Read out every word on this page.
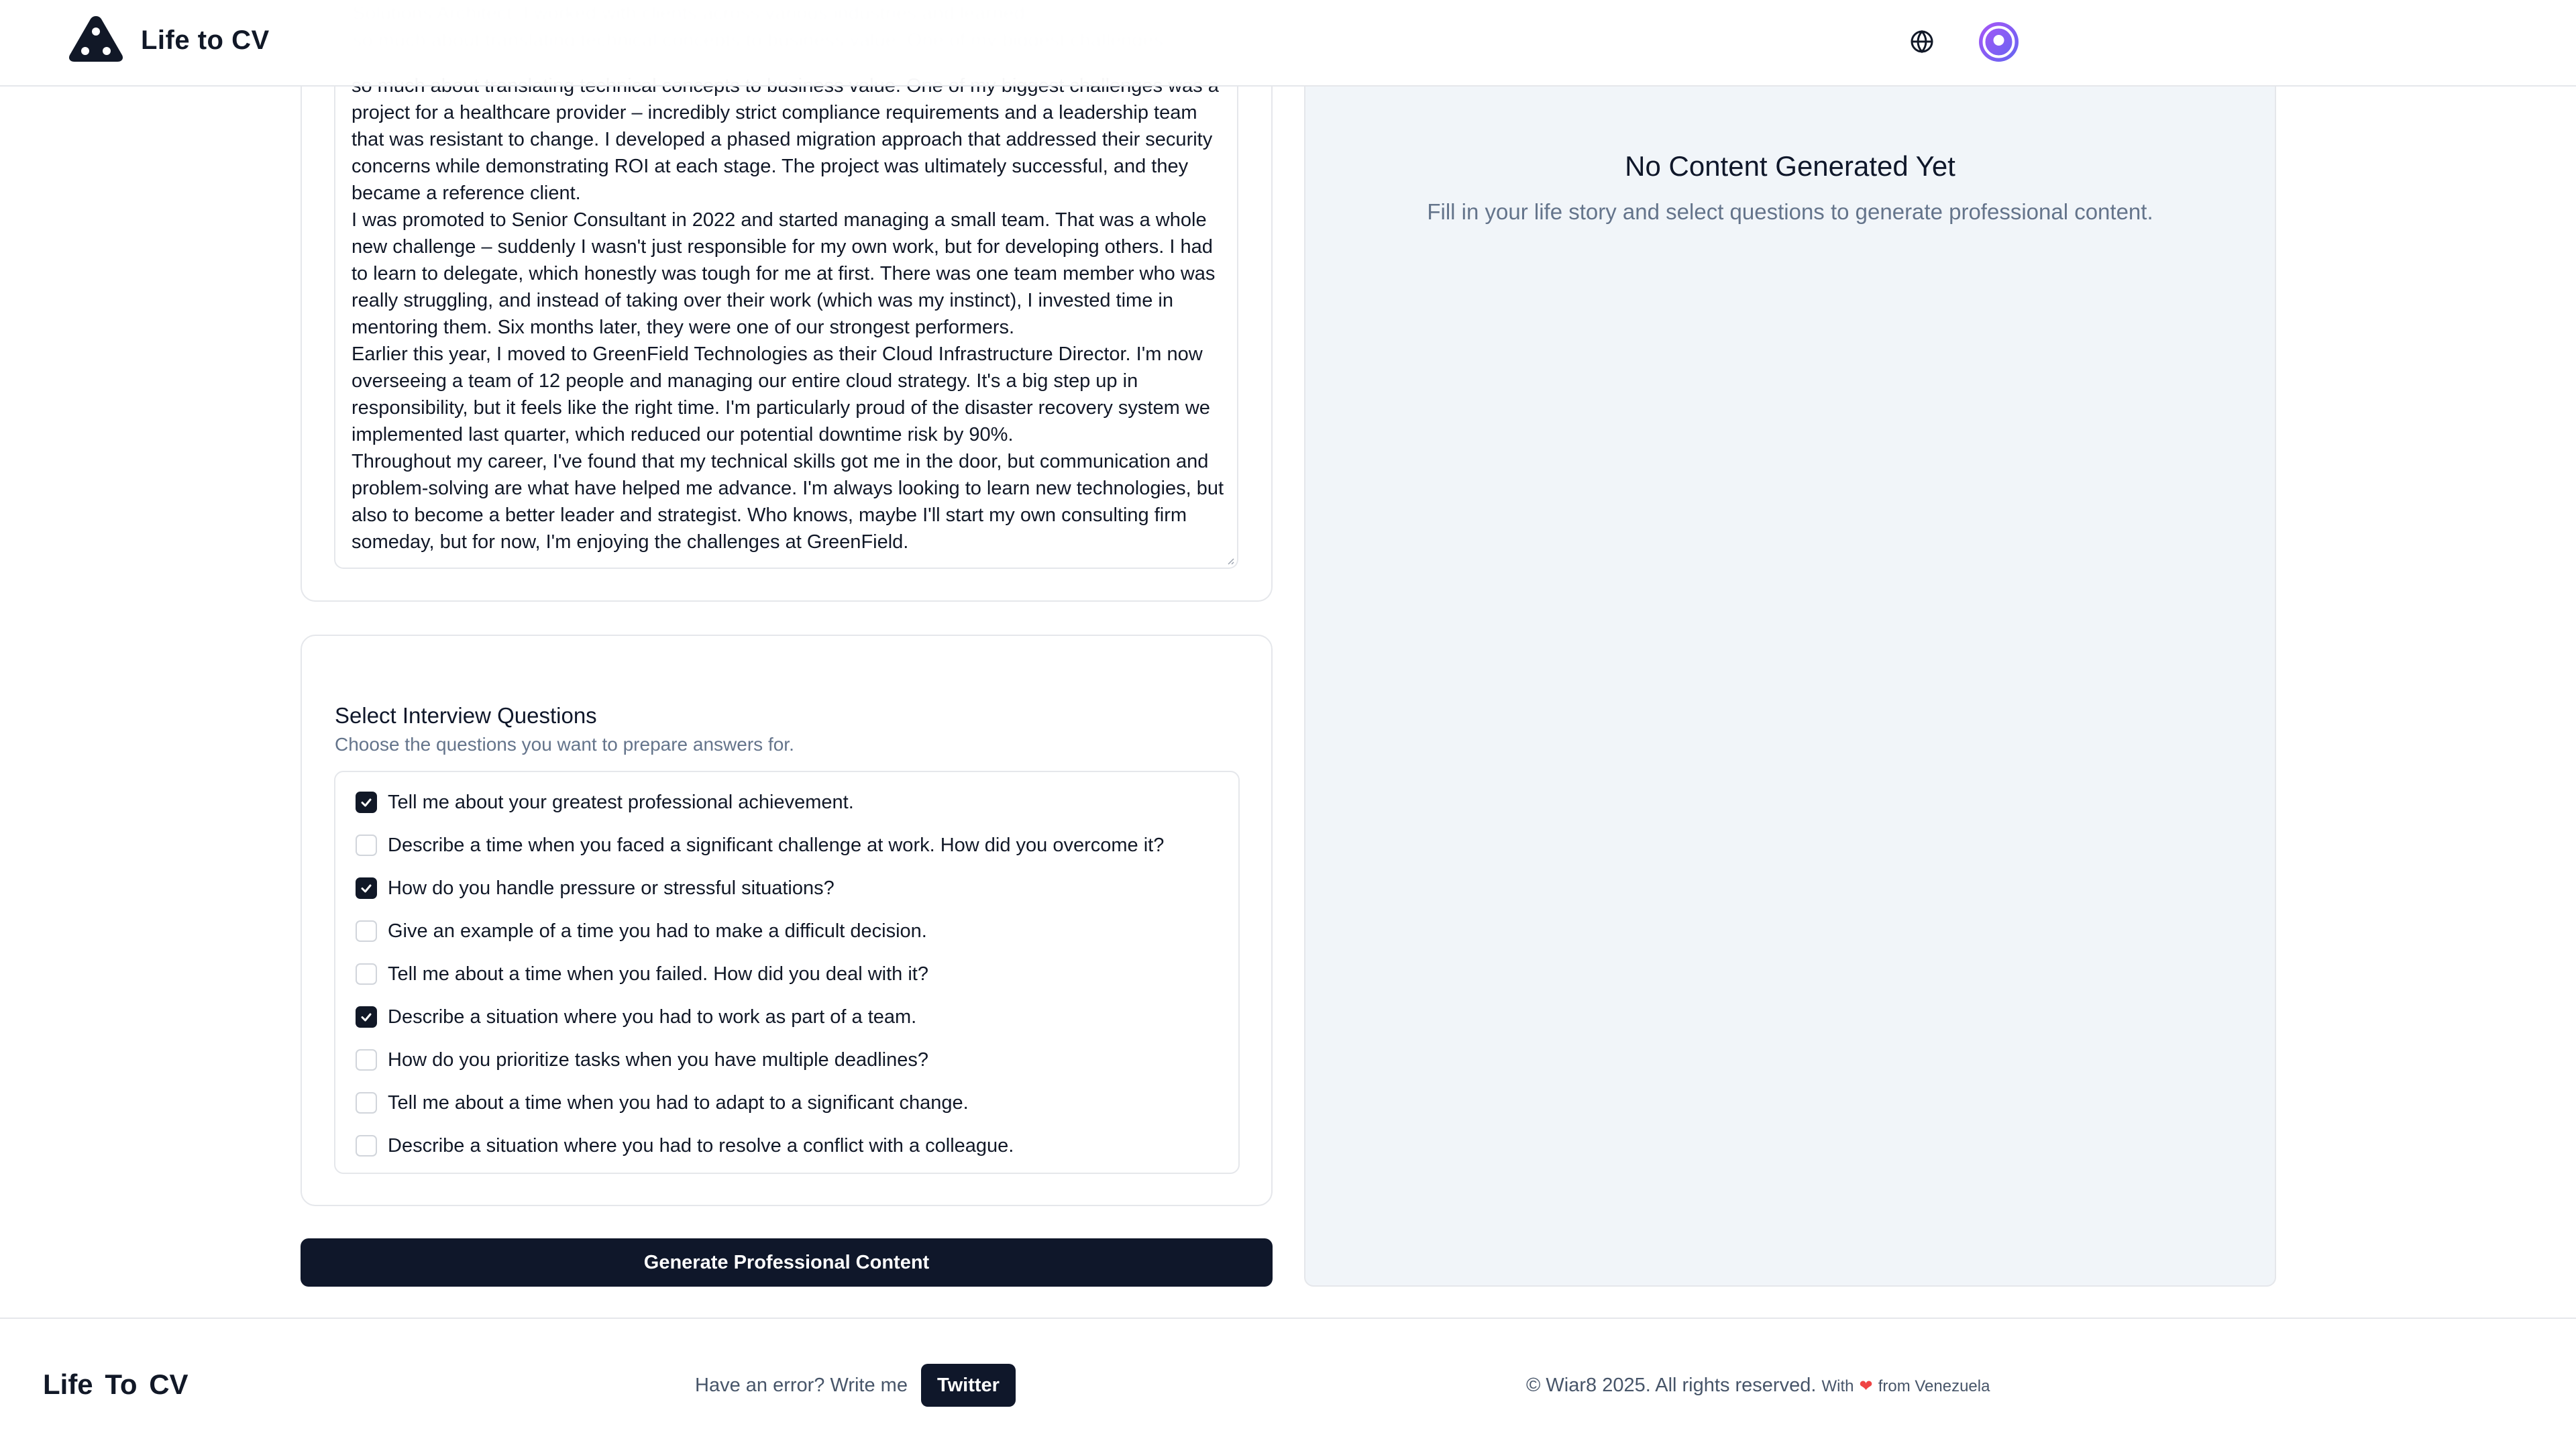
Life to CV

project for a healthcare provider – incredibly strict compliance requirements and a leadership team that was resistant to change. I developed a phased migration approach that addressed their security concerns while demonstrating ROI at each stage. The project was ultimately successful, and they became a reference client.

I was promoted to Senior Consultant in 2022 and started managing a small team. That was a whole new challenge – suddenly I wasn't just responsible for my own work, but for developing others. I had to learn to delegate, which honestly was tough for me at first. There was one team member who was really struggling, and instead of taking over their work (which was my instinct), I invested time in mentoring them. Six months later, they were one of our strongest performers.

Earlier this year, I moved to GreenField Technologies as their Cloud Infrastructure Director. I'm now overseeing a team of 12 people and managing our entire cloud strategy. It's a big step up in responsibility, but it feels like the right time. I'm particularly proud of the disaster recovery system we implemented last quarter, which reduced our potential downtime risk by 90%.

Throughout my career, I've found that my technical skills got me in the door, but communication and problem-solving are what have helped me advance. I'm always looking to learn new technologies, but also to become a better leader and strategist. Who knows, maybe I'll start my own consulting firm someday, but for now, I'm enjoying the challenges at GreenField.

Select Interview Questions
Choose the questions you want to prepare answers for.
Tell me about your greatest professional achievement.
Describe a time when you faced a significant challenge at work. How did you overcome it?
How do you handle pressure or stressful situations?
Give an example of a time you had to make a difficult decision.
Tell me about a time when you failed. How did you deal with it?
Describe a situation where you had to work as part of a team.
How do you prioritize tasks when you have multiple deadlines?
Tell me about a time when you had to adapt to a significant change.
Describe a situation where you had to resolve a conflict with a colleague.
Generate Professional Content
No Content Generated Yet
Fill in your life story and select questions to generate professional content.
Life To CV	Have an error? Write me	Twitter	© Wiar8 2025. All rights reserved. With ❤ from Venezuela
